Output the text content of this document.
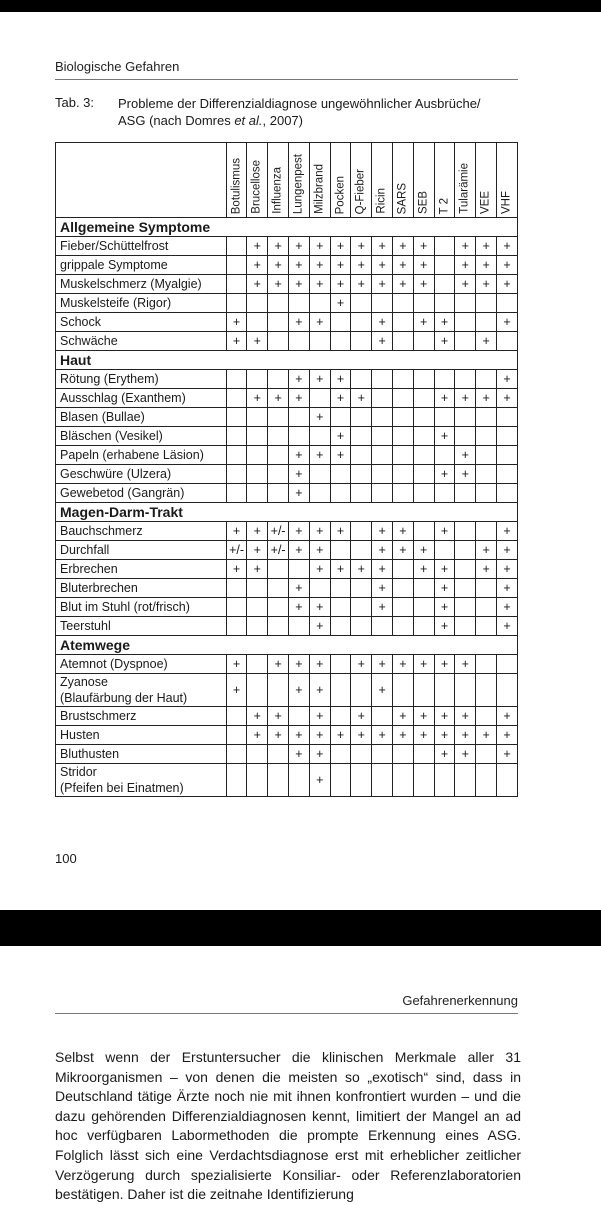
Biologische Gefahren
Tab. 3: Probleme der Differenzialdiagnose ungewöhnlicher Ausbrüche/
ASG (nach Domres et al., 2007)

	Botulismus	Brucellose	Influenza	Lungenpest	Milzbrand	Pocken	Q-Fieber	Ricin	SARS	SEB	T 2	Tularämie	VEE	VHF

Allgemeine Symptome														
Fieber/Schüttelfrost		+	+	+	+	+	+	+	+	+		+	+	+
grippale Symptome		+	+	+	+	+	+	+	+	+		+	+	+
Muskelschmerz (Myalgie)		+	+	+	+	+	+	+	+	+		+	+	+
Muskelsteife (Rigor)						+								
Schock	+			+	+			+		+	+			+
Schwäche	+	+						+			+		+	
Haut														
Rötung (Erythem)				+	+	+								+
Ausschlag (Exanthem)		+	+	+		+	+				+	+	+	+
Blasen (Bullae)					+									
Bläschen (Vesikel)						+					+			
Papeln (erhabene Läsion)				+	+	+						+		
Geschwüre (Ulzera)				+							+	+		
Gewebetod (Gangrän)				+										
Magen-Darm-Trakt														
Bauchschmerz	+	+	+/-	+	+	+		+	+		+			+
Durchfall	+/-	+	+/-	+	+			+	+	+			+	+
Erbrechen	+	+			+	+	+	+		+	+		+	+
Bluterbrechen				+				+			+			+
Blut im Stuhl (rot/frisch)				+	+			+			+			+
Teerstuhl					+						+			+
Atemwege														
Atemnot (Dyspnoe)	+		+	+	+		+	+	+	+	+	+		
Zyanose
(Blaufärbung der Haut)	+			+	+			+						
Brustschmerz		+	+		+		+		+	+	+	+		+
Husten		+	+	+	+	+	+	+	+	+	+	+	+	+
Bluthusten				+	+						+	+		+
Stridor
(Pfeifen bei Einatmen)					+									
100
Gefahrenerkennung

Selbst wenn der Erstuntersucher die klinischen Merkmale aller 31 Mikroorganismen – von denen die meisten so „exotisch“ sind, dass in Deutschland tätige Ärzte noch nie mit ihnen konfrontiert wurden – und die dazu gehörenden Differenzialdiagnosen kennt, limitiert der Mangel an ad hoc verfügbaren Labormethoden die prompte Erkennung eines ASG. Folglich lässt sich eine Verdachtsdiagnose erst mit erheblicher zeitlicher Verzögerung durch spezialisierte Konsiliar- oder Referenzlaboratorien bestätigen. Daher ist die zeitnahe Identifizierung
